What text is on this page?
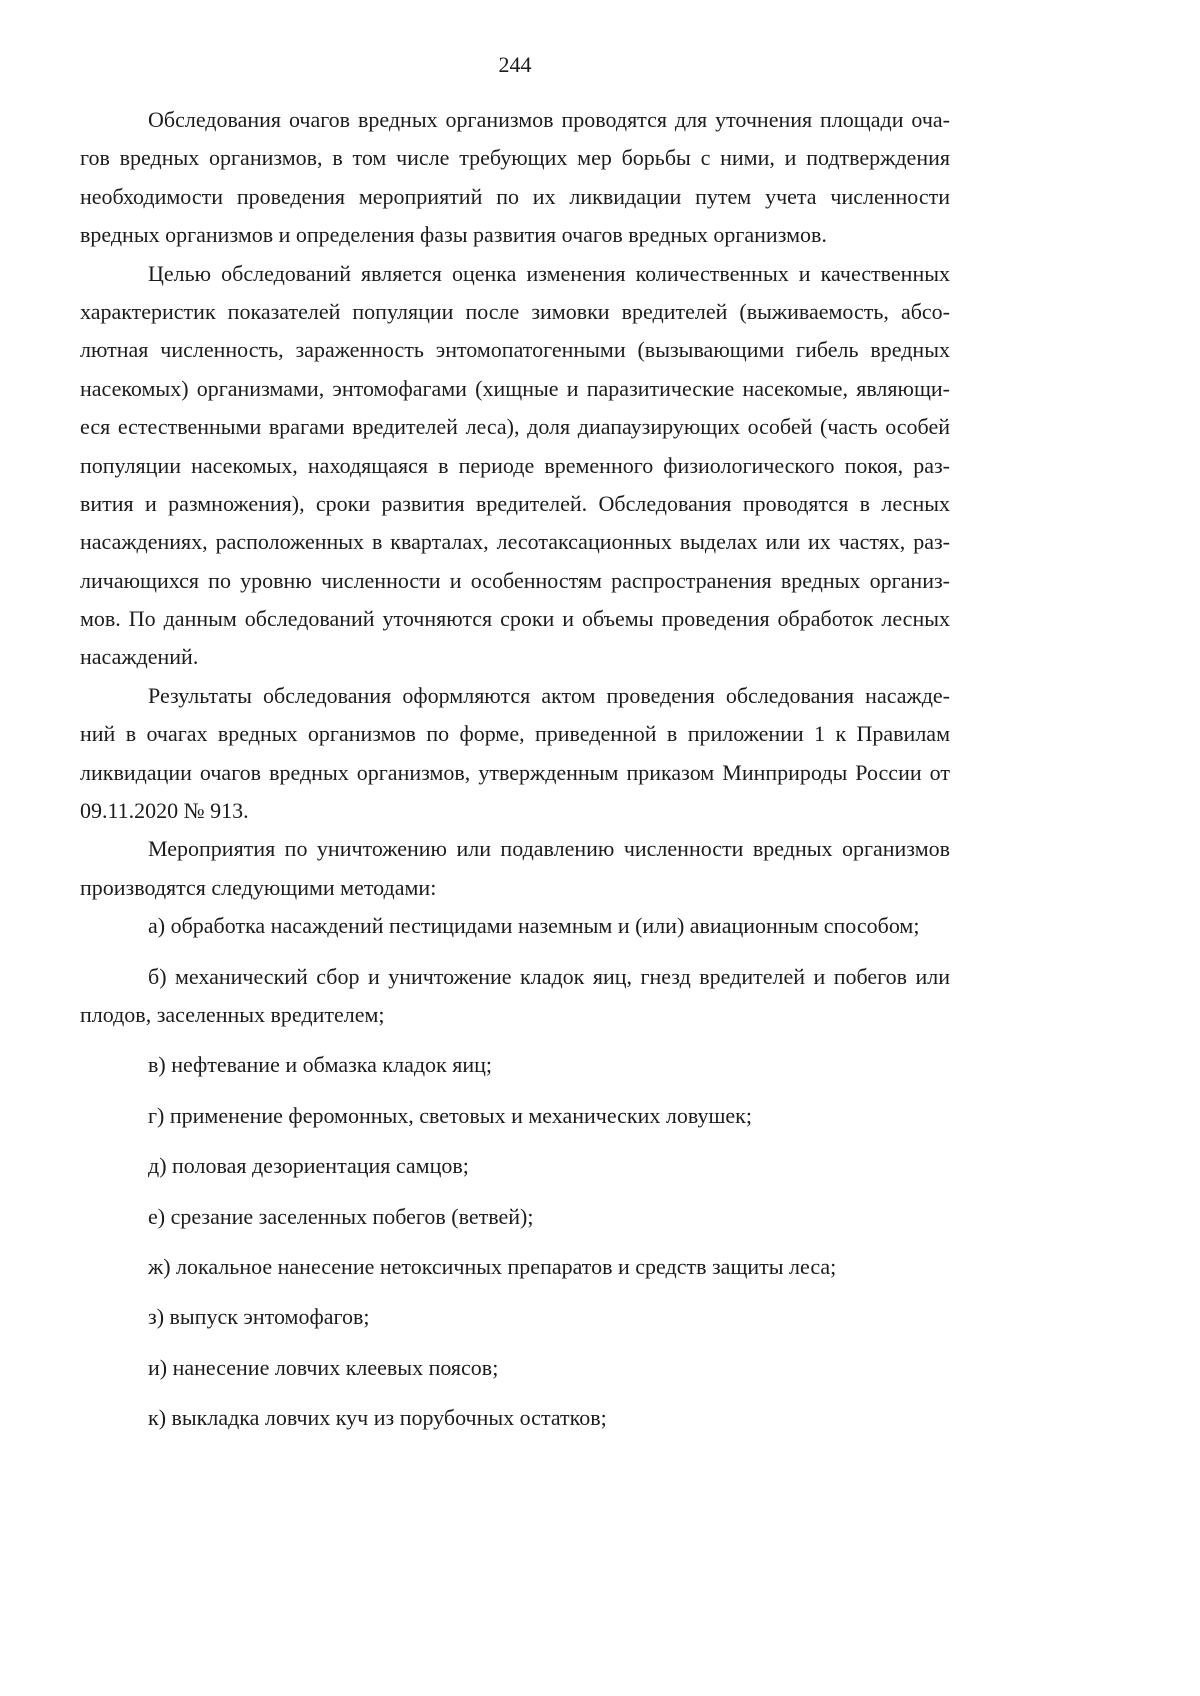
244
Обследования очагов вредных организмов проводятся для уточнения площади оча-
гов вредных организмов, в том числе требующих мер борьбы с ними, и подтверждения
необходимости проведения мероприятий по их ликвидации путем учета численности
вредных организмов и определения фазы развития очагов вредных организмов.
Целью обследований является оценка изменения количественных и качественных
характеристик показателей популяции после зимовки вредителей (выживаемость, абсо-
лютная численность, зараженность энтомопатогенными (вызывающими гибель вредных
насекомых) организмами, энтомофагами (хищные и паразитические насекомые, являющи-
еся естественными врагами вредителей леса), доля диапаузирующих особей (часть особей
популяции насекомых, находящаяся в периоде временного физиологического покоя, раз-
вития и размножения), сроки развития вредителей. Обследования проводятся в лесных
насаждениях, расположенных в кварталах, лесотаксационных выделах или их частях, раз-
личающихся по уровню численности и особенностям распространения вредных организ-
мов. По данным обследований уточняются сроки и объемы проведения обработок лесных
насаждений.
Результаты обследования оформляются актом проведения обследования насажде-
ний в очагах вредных организмов по форме, приведенной в приложении 1 к Правилам
ликвидации очагов вредных организмов, утвержденным приказом Минприроды России от
09.11.2020 № 913.
Мероприятия по уничтожению или подавлению численности вредных организмов
производятся следующими методами:
а) обработка насаждений пестицидами наземным и (или) авиационным способом;
б) механический сбор и уничтожение кладок яиц, гнезд вредителей и побегов или
плодов, заселенных вредителем;
в) нефтевание и обмазка кладок яиц;
г) применение феромонных, световых и механических ловушек;
д) половая дезориентация самцов;
е) срезание заселенных побегов (ветвей);
ж) локальное нанесение нетоксичных препаратов и средств защиты леса;
з) выпуск энтомофагов;
и) нанесение ловчих клеевых поясов;
к) выкладка ловчих куч из порубочных остатков;
